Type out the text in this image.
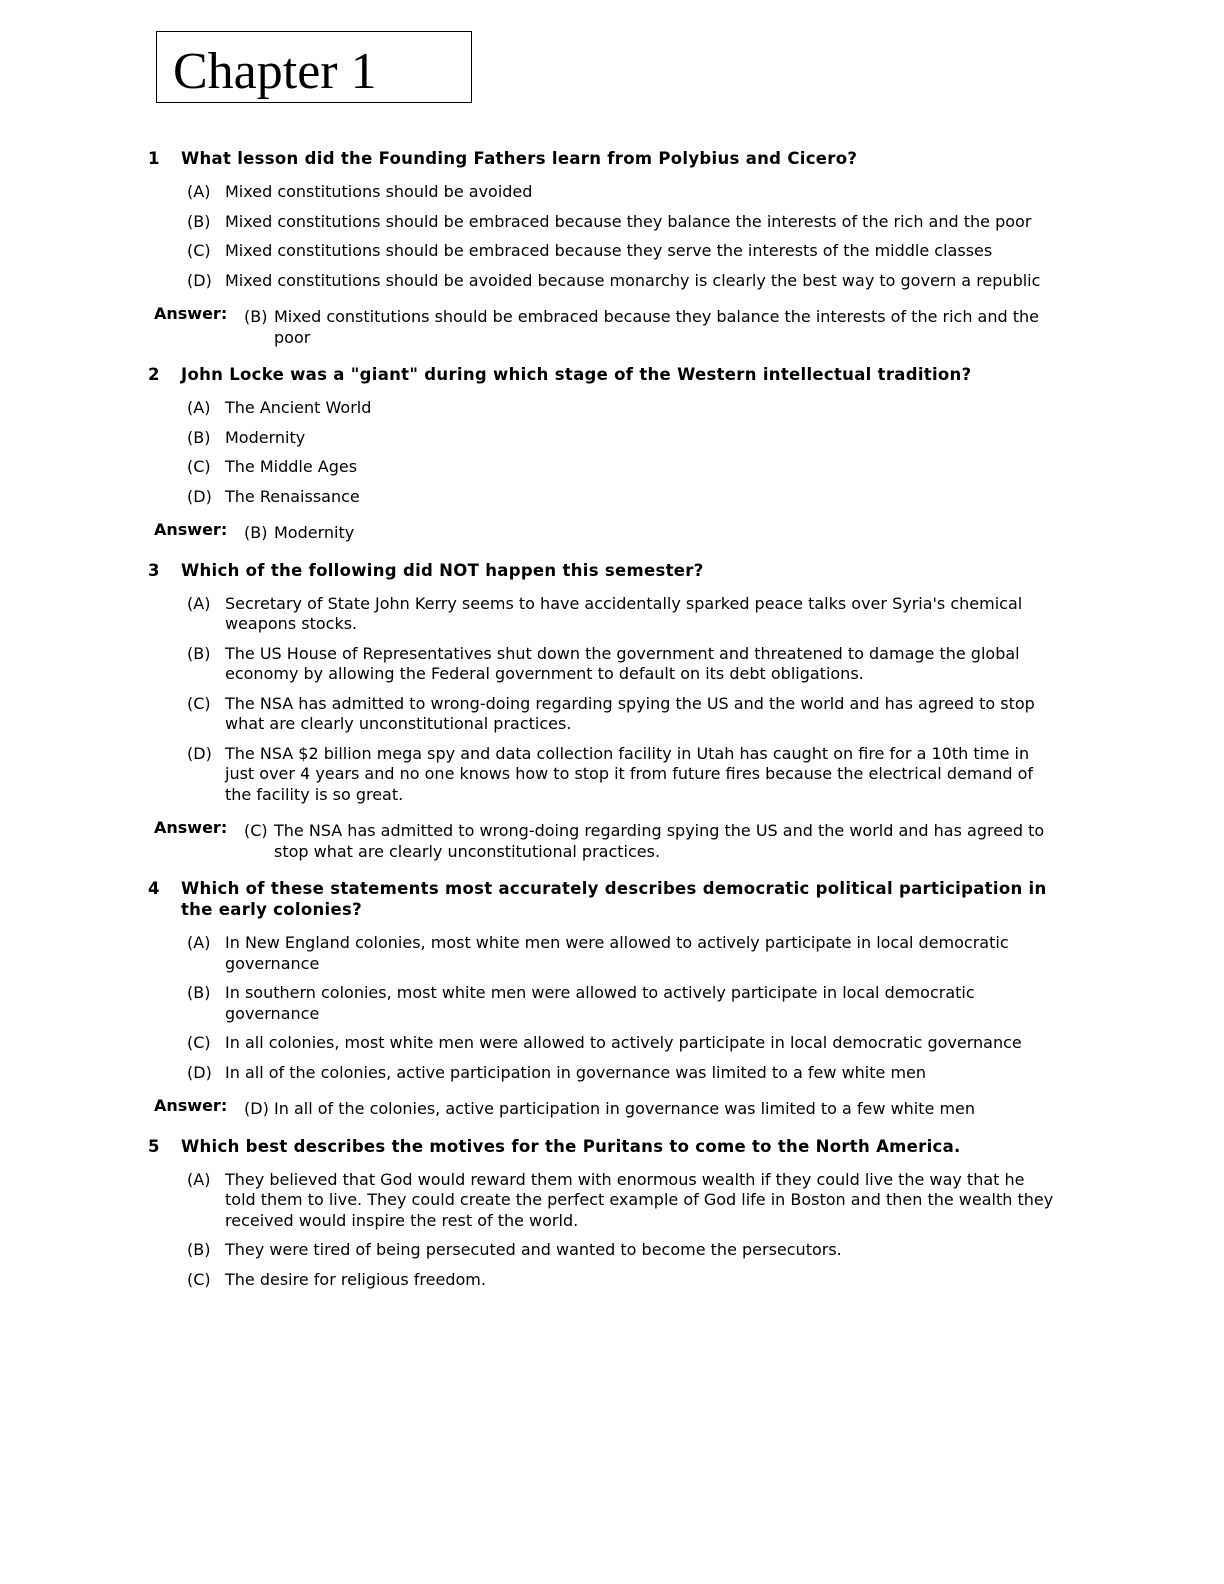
Chapter 1
1	What lesson did the Founding Fathers learn from Polybius and Cicero?
(A) Mixed constitutions should be avoided
(B) Mixed constitutions should be embraced because they balance the interests of the rich and the poor
(C) Mixed constitutions should be embraced because they serve the interests of the middle classes
(D) Mixed constitutions should be avoided because monarchy is clearly the best way to govern a republic
Answer:	(B) Mixed constitutions should be embraced because they balance the interests of the rich and the poor
2	John Locke was a "giant" during which stage of the Western intellectual tradition?
(A) The Ancient World
(B) Modernity
(C) The Middle Ages
(D) The Renaissance
Answer:	(B) Modernity
3	Which of the following did NOT happen this semester?
(A) Secretary of State John Kerry seems to have accidentally sparked peace talks over Syria's chemical weapons stocks.
(B) The US House of Representatives shut down the government and threatened to damage the global economy by allowing the Federal government to default on its debt obligations.
(C) The NSA has admitted to wrong-doing regarding spying the US and the world and has agreed to stop what are clearly unconstitutional practices.
(D) The NSA $2 billion mega spy and data collection facility in Utah has caught on fire for a 10th time in just over 4 years and no one knows how to stop it from future fires because the electrical demand of the facility is so great.
Answer:	(C) The NSA has admitted to wrong-doing regarding spying the US and the world and has agreed to stop what are clearly unconstitutional practices.
4	Which of these statements most accurately describes democratic political participation in the early colonies?
(A) In New England colonies, most white men were allowed to actively participate in local democratic governance
(B) In southern colonies, most white men were allowed to actively participate in local democratic governance
(C) In all colonies, most white men were allowed to actively participate in local democratic governance
(D) In all of the colonies, active participation in governance was limited to a few white men
Answer:	(D) In all of the colonies, active participation in governance was limited to a few white men
5	Which best describes the motives for the Puritans to come to the North America.
(A) They believed that God would reward them with enormous wealth if they could live the way that he told them to live. They could create the perfect example of God life in Boston and then the wealth they received would inspire the rest of the world.
(B) They were tired of being persecuted and wanted to become the persecutors.
(C) The desire for religious freedom.
